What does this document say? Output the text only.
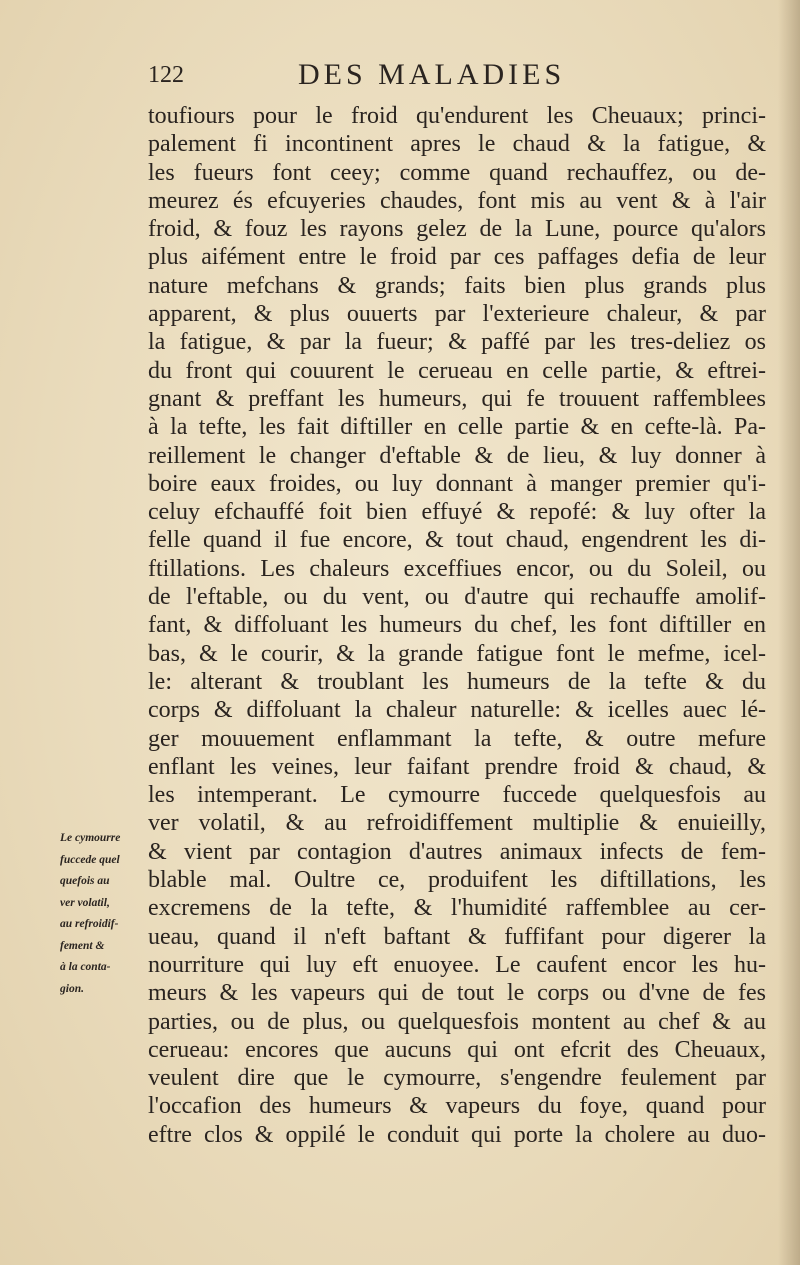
122	DES MALADIES
toufiours pour le froid qu'endurent les Cheuaux; princi-
palement fi incontinent apres le chaud & la fatigue, &
les fueurs font ceey; comme quand rechauffez, ou de-
meurez és efcuyeries chaudes, font mis au vent & à l'air
froid, & fouz les rayons gelez de la Lune, pource qu'alors
plus aifément entre le froid par ces paffages defia de leur
nature mefchans & grands; faits bien plus grands plus
apparent, & plus ouuerts par l'exterieure chaleur, & par
la fatigue, & par la fueur; & paffé par les tres-deliez os
du front qui couurent le cerueau en celle partie, & eftrei-
gnant & preffant les humeurs, qui fe trouuent raffemblees
à la tefte, les fait diftiller en celle partie & en cefte-là. Pa-
reillement le changer d'eftable & de lieu, & luy donner à
boire eaux froides, ou luy donnant à manger premier qu'i-
celuy efchauffé foit bien effuyé & repofé: & luy ofter la
felle quand il fue encore, & tout chaud, engendrent les di-
ftillations. Les chaleurs exceffiues encor, ou du Soleil, ou
de l'eftable, ou du vent, ou d'autre qui rechauffe amolif-
fant, & diffoluant les humeurs du chef, les font diftiller en
bas, & le courir, & la grande fatigue font le mefme, icel-
le: alterant & troublant les humeurs de la tefte & du
corps & diffoluant la chaleur naturelle: & icelles auec lé-
ger mouuement enflammant la tefte, & outre mefure
enflant les veines, leur faifant prendre froid & chaud, &
les intemperant. Le cymourre fuccede quelquesfois au
ver volatil, & au refroidiffement multiplie & enuieilly,
& vient par contagion d'autres animaux infects de fem-
blable mal. Oultre ce, produifent les diftillations, les
excremens de la tefte, & l'humidité raffemblee au cer-
ueau, quand il n'eft baftant & fuffifant pour digerer la
nourriture qui luy eft enuoyee. Le caufent encor les hu-
meurs & les vapeurs qui de tout le corps ou d'vne de fes
parties, ou de plus, ou quelquesfois montent au chef & au
cerueau: encores que aucuns qui ont efcrit des Cheuaux,
veulent dire que le cymourre, s'engendre feulement par
l'occafion des humeurs & vapeurs du foye, quand pour
eftre clos & oppilé le conduit qui porte la cholere au duo-
Le cymourre
fuccede quel
quefois au
ver volatil,
au refroidif-
fement &
à la conta-
gion.
